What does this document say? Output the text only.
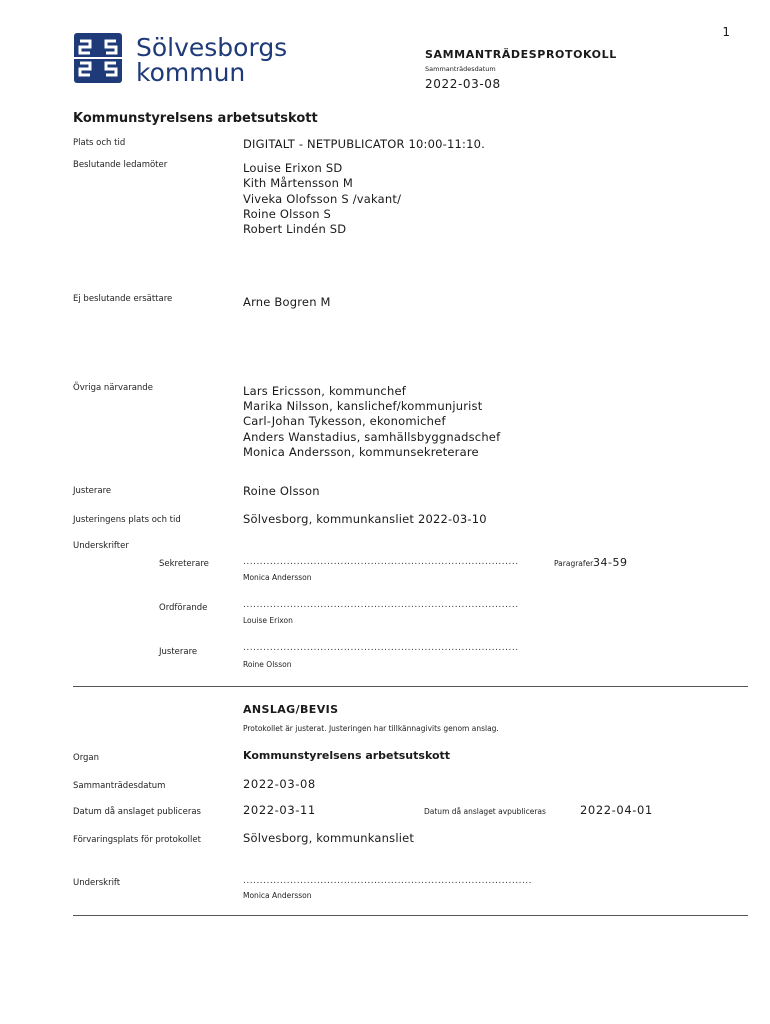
1
Sölvesborgs
kommun
SAMMANTRÄDESPROTOKOLL
Sammanträdesdatum
2022-03-08
Kommunstyrelsens arbetsutskott
Plats och tid	DIGITALT - NETPUBLICATOR 10:00-11:10.
Beslutande ledamöter	Louise Erixon SD
Kith Mårtensson M
Viveka Olofsson S /vakant/
Roine Olsson S
Robert Lindén SD
Ej beslutande ersättare	Arne Bogren M
Övriga närvarande	Lars Ericsson, kommunchef
Marika Nilsson, kanslichef/kommunjurist
Carl-Johan Tykesson, ekonomichef
Anders Wanstadius, samhällsbyggnadschef
Monica Andersson, kommunsekreterare
Justerare	Roine Olsson
Justeringens plats och tid	Sölvesborg, kommunkansliet 2022-03-10
Underskrifter
Sekreterare	..................................................................................	Paragrafer 34-59
Monica Andersson
Ordförande	..................................................................................
Louise Erixon
Justerare	..................................................................................
Roine Olsson
ANSLAG/BEVIS
Protokollet är justerat. Justeringen har tillkännagivits genom anslag.
Organ	Kommunstyrelsens arbetsutskott
Sammanträdesdatum	2022-03-08
Datum då anslaget publiceras	2022-03-11	Datum då anslaget avpubliceras	2022-04-01
Förvaringsplats för protokollet	Sölvesborg, kommunkansliet
Underskrift	......................................................................................
Monica Andersson
